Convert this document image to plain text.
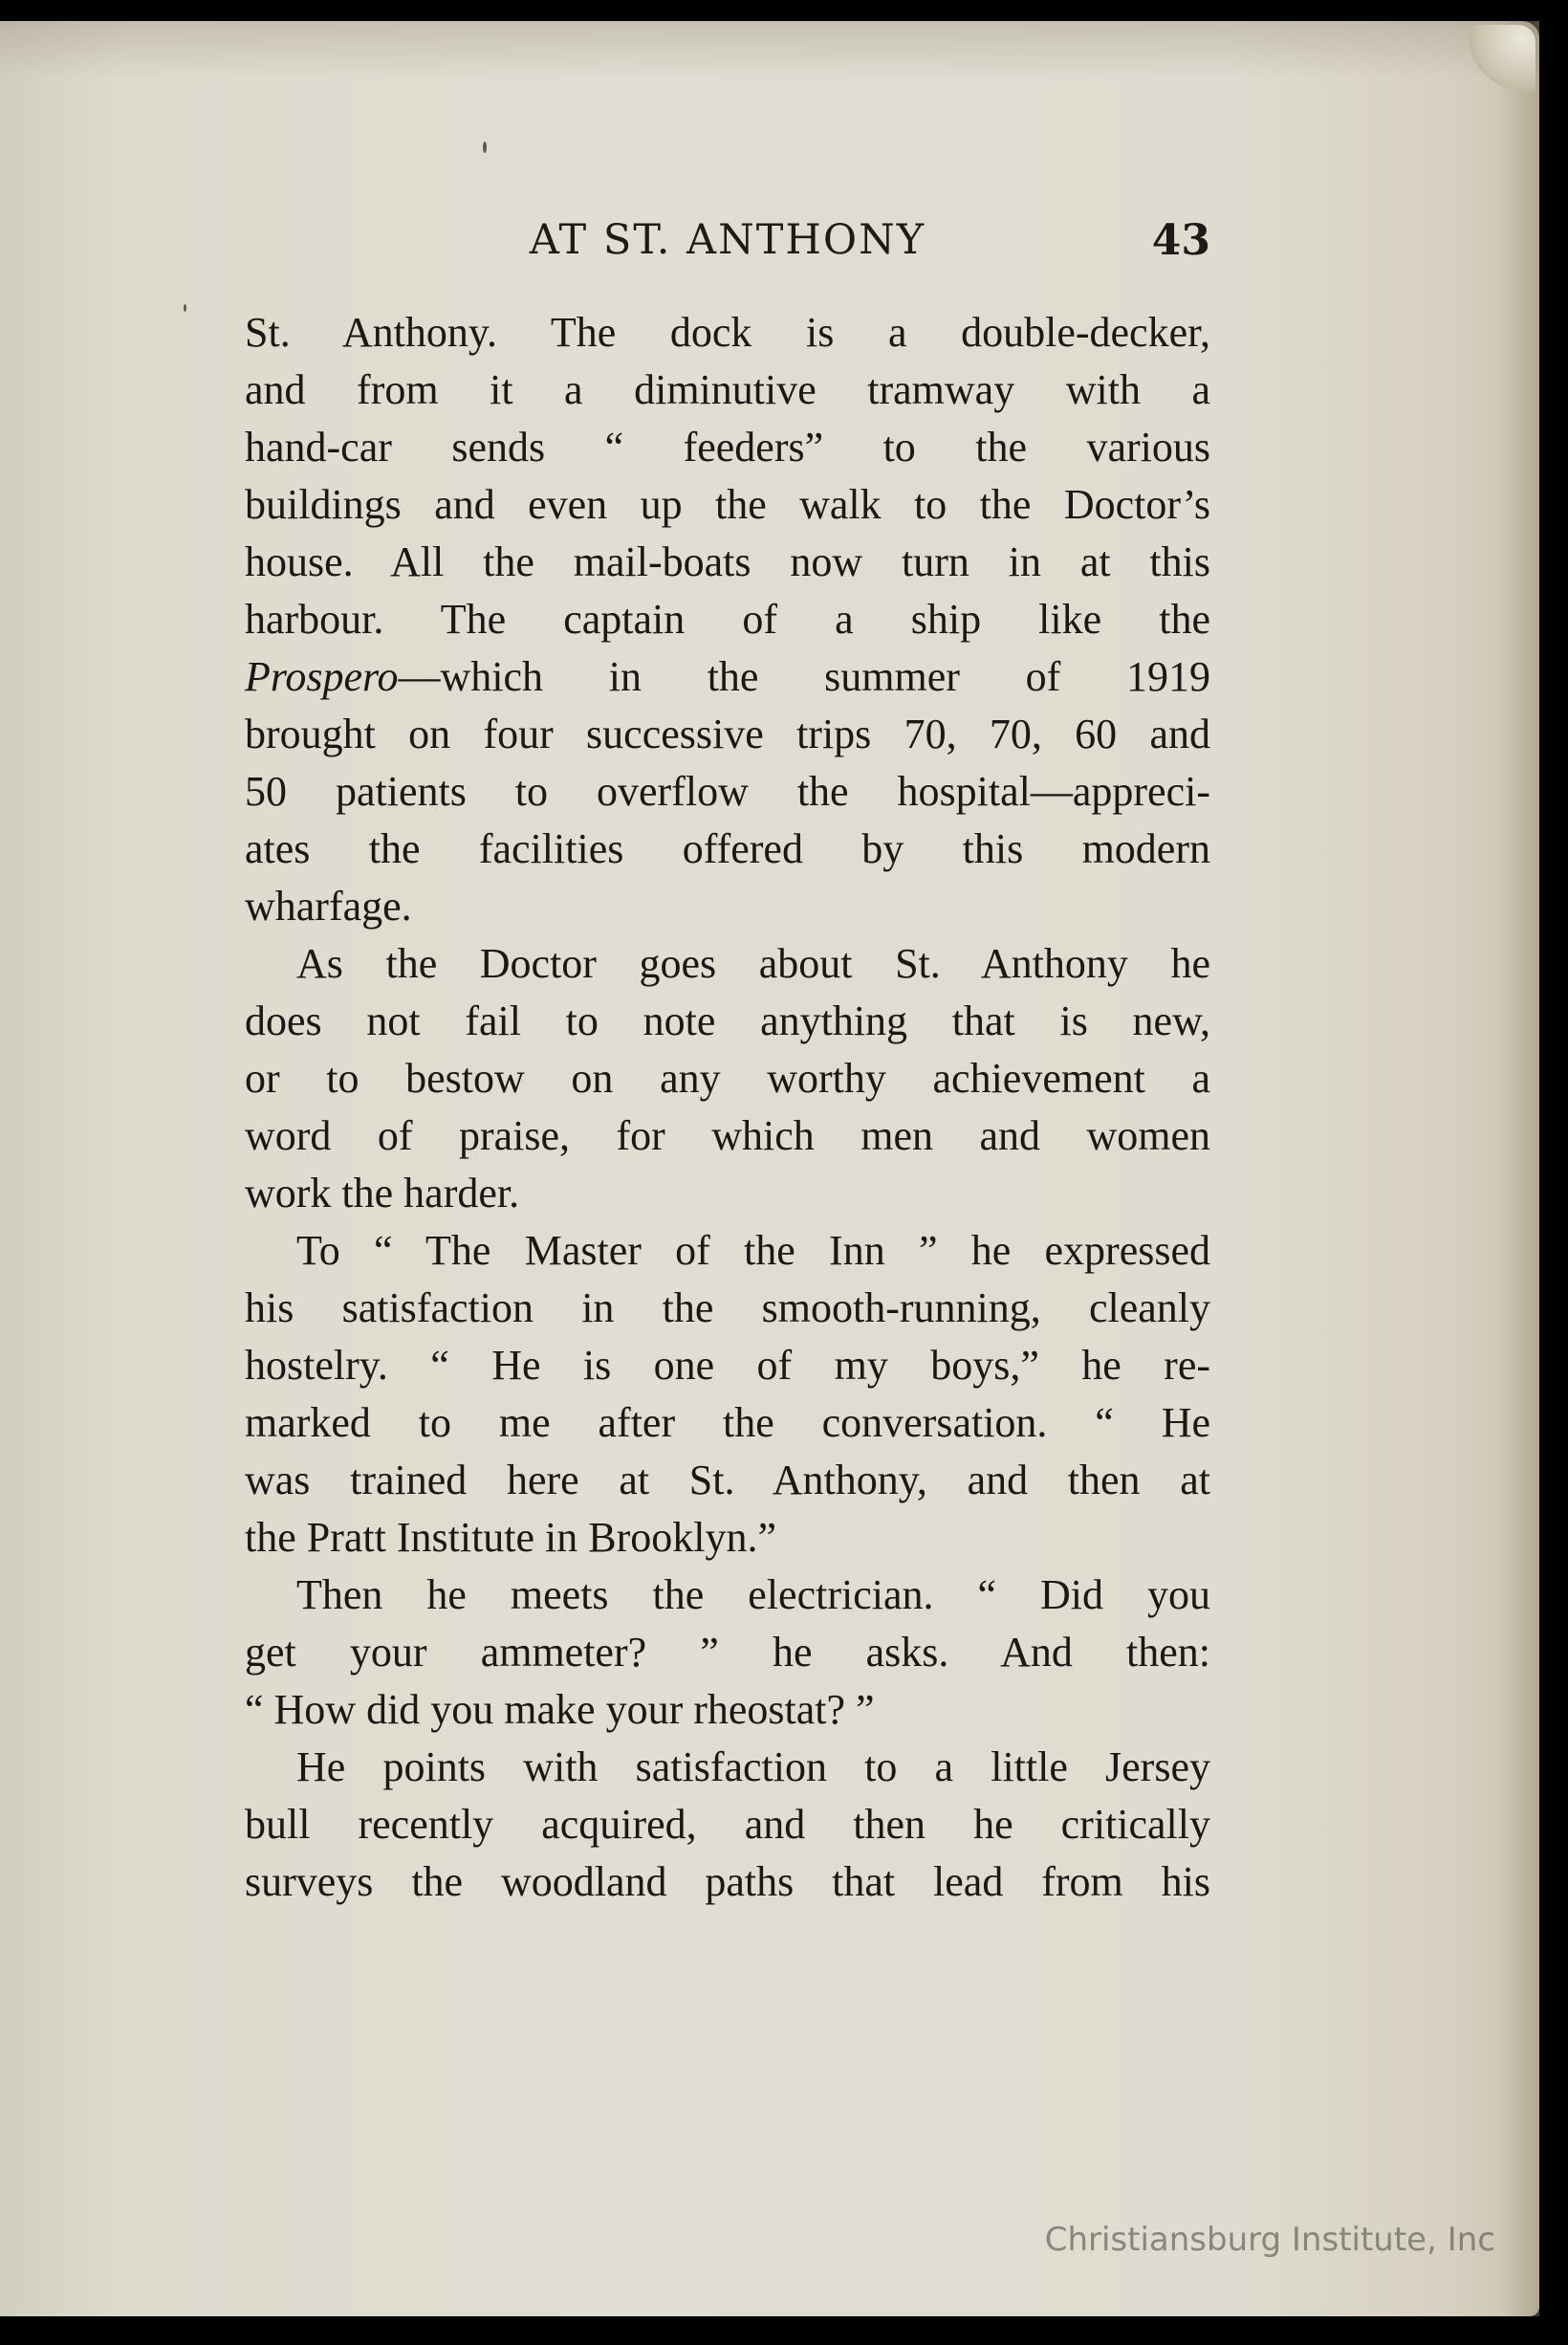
AT ST. ANTHONY	43
St. Anthony. The dock is a double-decker,
and from it a diminutive tramway with a
hand-car sends “ feeders” to the various
buildings and even up the walk to the Doctor’s
house. All the mail-boats now turn in at this
harbour. The captain of a ship like the
Prospero—which in the summer of 1919
brought on four successive trips 70, 70, 60 and
50 patients to overflow the hospital—appreci-
ates the facilities offered by this modern
wharfage.
As the Doctor goes about St. Anthony he
does not fail to note anything that is new,
or to bestow on any worthy achievement a
word of praise, for which men and women
work the harder.
To “ The Master of the Inn ” he expressed
his satisfaction in the smooth-running, cleanly
hostelry. “ He is one of my boys,” he re-
marked to me after the conversation. “ He
was trained here at St. Anthony, and then at
the Pratt Institute in Brooklyn.”
Then he meets the electrician. “ Did you
get your ammeter? ” he asks. And then:
“ How did you make your rheostat? ”
He points with satisfaction to a little Jersey
bull recently acquired, and then he critically
surveys the woodland paths that lead from his
Christiansburg Institute, Inc
